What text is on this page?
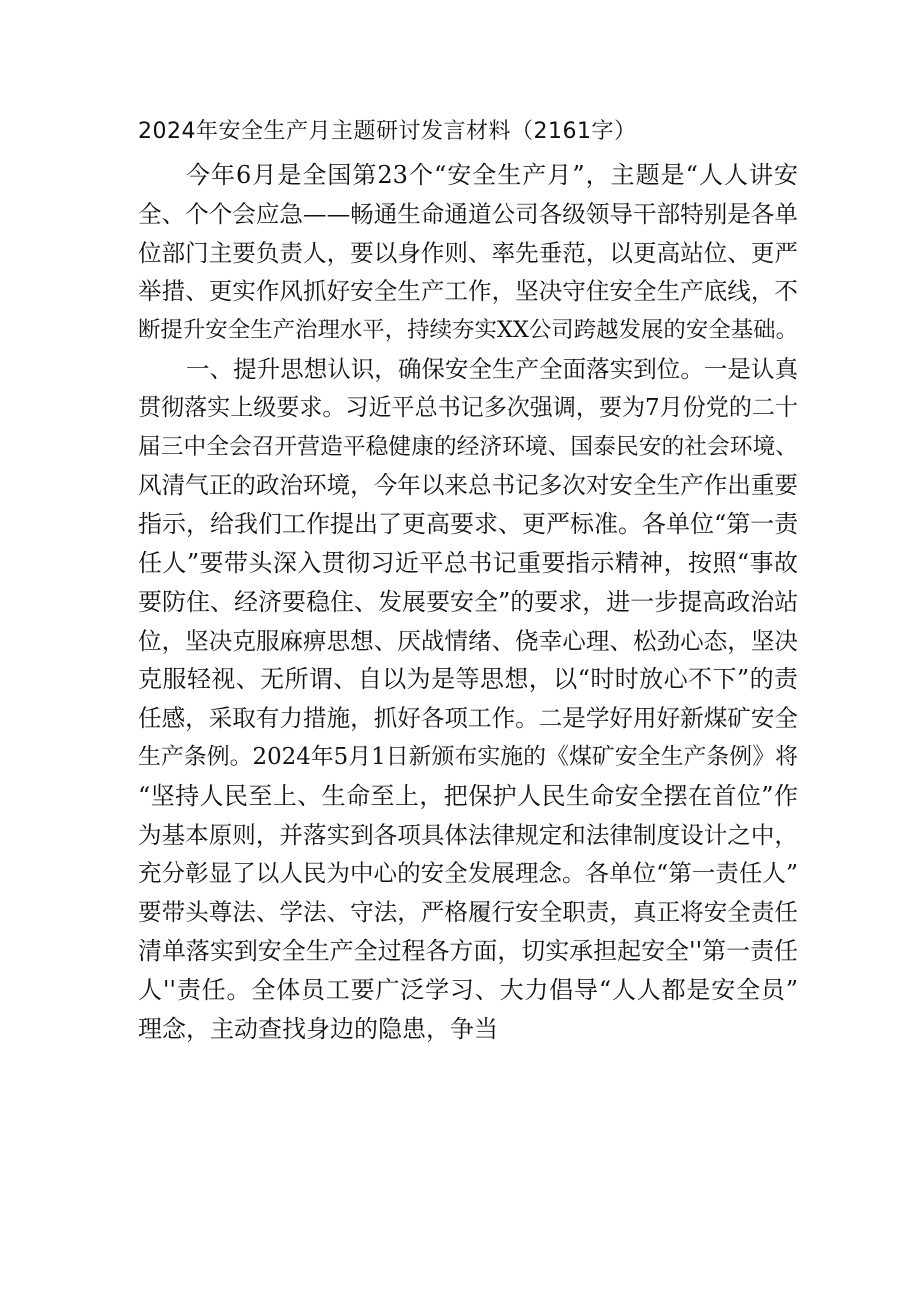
2024年安全生产月主题研讨发言材料（2161字）
今年6月是全国第23个“安全生产月”，主题是“人人讲安
全、个个会应急——畅通生命通道公司各级领导干部特别是各单
位部门主要负责人，要以身作则、率先垂范，以更高站位、更严
举措、更实作风抓好安全生产工作，坚决守住安全生产底线，不
断提升安全生产治理水平，持续夯实XX公司跨越发展的安全基础。
一、提升思想认识，确保安全生产全面落实到位。一是认真
贯彻落实上级要求。习近平总书记多次强调，要为7月份党的二十
届三中全会召开营造平稳健康的经济环境、国泰民安的社会环境、
风清气正的政治环境，今年以来总书记多次对安全生产作出重要
指示，给我们工作提出了更高要求、更严标准。各单位“第一责
任人”要带头深入贯彻习近平总书记重要指示精神，按照“事故
要防住、经济要稳住、发展要安全”的要求，进一步提高政治站
位，坚决克服麻痹思想、厌战情绪、侥幸心理、松劲心态，坚决
克服轻视、无所谓、自以为是等思想，以“时时放心不下”的责
任感，采取有力措施，抓好各项工作。二是学好用好新煤矿安全
生产条例。2024年5月1日新颁布实施的《煤矿安全生产条例》将
“坚持人民至上、生命至上，把保护人民生命安全摆在首位”作
为基本原则，并落实到各项具体法律规定和法律制度设计之中，
充分彰显了以人民为中心的安全发展理念。各单位“第一责任人”
要带头尊法、学法、守法，严格履行安全职责，真正将安全责任
清单落实到安全生产全过程各方面，切实承担起安全''第一责任
人''责任。全体员工要广泛学习、大力倡导“人人都是安全员”
理念，主动查找身边的隐患，争当
